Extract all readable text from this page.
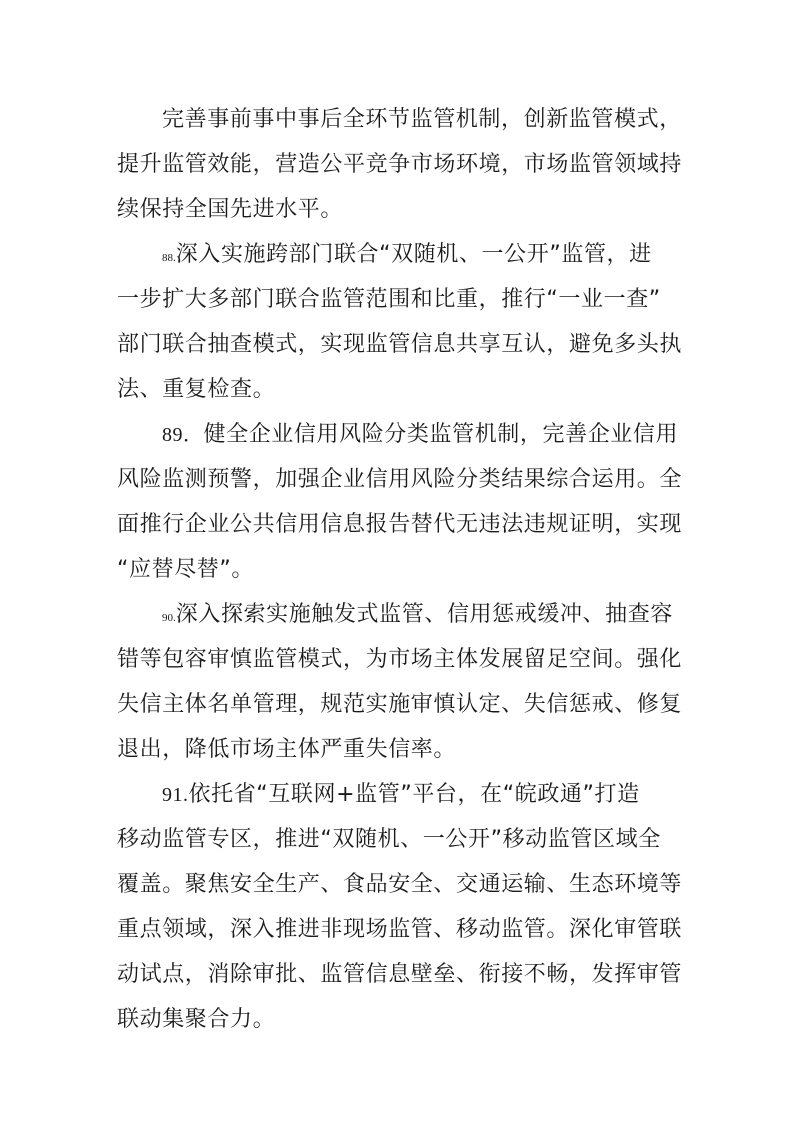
完善事前事中事后全环节监管机制，创新监管模式，
提升监管效能，营造公平竞争市场环境，市场监管领域持
续保持全国先进水平。
88.深入实施跨部门联合“双随机、一公开”监管，进
一步扩大多部门联合监管范围和比重，推行“一业一查”
部门联合抽查模式，实现监管信息共享互认，避免多头执
法、重复检查。
89．健全企业信用风险分类监管机制，完善企业信用
风险监测预警，加强企业信用风险分类结果综合运用。全
面推行企业公共信用信息报告替代无违法违规证明，实现
“应替尽替”。
90.深入探索实施触发式监管、信用惩戒缓冲、抽查容
错等包容审慎监管模式，为市场主体发展留足空间。强化
失信主体名单管理，规范实施审慎认定、失信惩戒、修复
退出，降低市场主体严重失信率。
91.依托省“互联网+监管”平台，在“皖政通”打造
移动监管专区，推进“双随机、一公开”移动监管区域全
覆盖。聚焦安全生产、食品安全、交通运输、生态环境等
重点领域，深入推进非现场监管、移动监管。深化审管联
动试点，消除审批、监管信息壁垒、衔接不畅，发挥审管
联动集聚合力。
